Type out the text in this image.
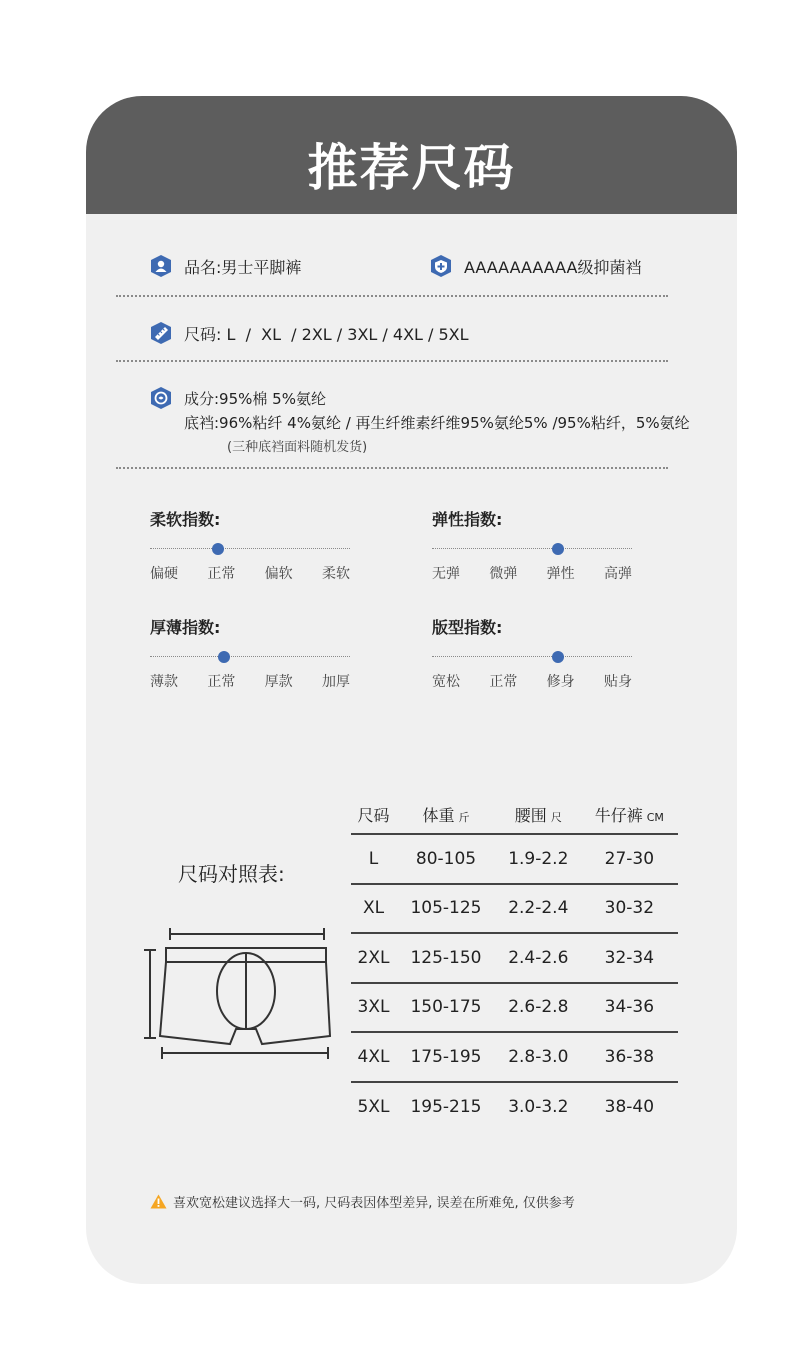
推荐尺码
品名:男士平脚裤	AAAAAAAAAA级抑菌裆
尺码: L  /  XL  / 2XL / 3XL / 4XL / 5XL
成分:95%棉 5%氨纶
底裆:96%粘纤 4%氨纶 / 再生纤维素纤维95%氨纶5% /95%粘纤，5%氨纶
(三种底裆面料随机发货)
柔软指数:
偏硬 正常 偏软 柔软
弹性指数:
无弹 微弹 弹性 高弹
厚薄指数:
薄款 正常 厚款 加厚
版型指数:
宽松 正常 修身 贴身
尺码对照表:
尺码	体重 斤	腰围 尺	牛仔裤 CM
L	80-105	1.9-2.2	27-30
XL	105-125	2.2-2.4	30-32
2XL	125-150	2.4-2.6	32-34
3XL	150-175	2.6-2.8	34-36
4XL	175-195	2.8-3.0	36-38
5XL	195-215	3.0-3.2	38-40
喜欢宽松建议选择大一码, 尺码表因体型差异, 误差在所难免, 仅供参考
